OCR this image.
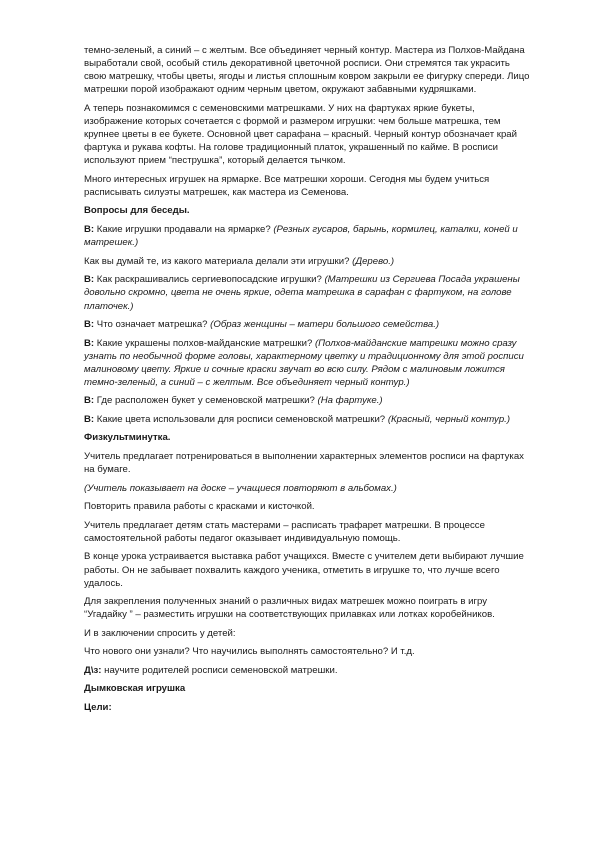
темно-зеленый, а синий – с желтым. Все объединяет черный контур. Мастера из Полхов-Майдана выработали свой, особый стиль декоративной цветочной росписи. Они стремятся так украсить свою матрешку, чтобы цветы, ягоды и листья сплошным ковром закрыли ее фигурку спереди. Лицо матрешки порой изображают одним черным цветом, окружают забавными кудряшками.

А теперь познакомимся с семеновскими матрешками. У них на фартуках яркие букеты, изображение которых сочетается с формой и размером игрушки: чем больше матрешка, тем крупнее цветы в ее букете. Основной цвет сарафана – красный. Черный контур обозначает край фартука и рукава кофты. На голове традиционный платок, украшенный по кайме. В росписи используют прием “пеструшка”, который делается тычком.

Много интересных игрушек на ярмарке. Все матрешки хороши. Сегодня мы будем учиться расписывать силуэты матрешек, как мастера из Семенова.

Вопросы для беседы.

В: Какие игрушки продавали на ярмарке? (Резных гусаров, барынь, кормилец, каталки, коней и матрешек.)

Как вы думай те, из какого материала делали эти игрушки? (Дерево.)

В: Как раскрашивались сергиевопосадские игрушки? (Матрешки из Сергиева Посада украшены довольно скромно, цвета не очень яркие, одета матрешка в сарафан с фартуком, на голове платочек.)

В: Что означает матрешка? (Образ женщины – матери большого семейства.)

В: Какие украшены полхов-майданские матрешки? (Полхов-майданские матрешки можно сразу узнать по необычной форме головы, характерному цветку и традиционному для этой росписи малиновому цвету. Яркие и сочные краски звучат во всю силу. Рядом с малиновым ложится темно-зеленый, а синий – с желтым. Все объединяет черный контур.)

В: Где расположен букет у семеновской матрешки? (На фартуке.)

В: Какие цвета использовали для росписи семеновской матрешки? (Красный, черный контур.)

Физкультминутка.

Учитель предлагает потренироваться в выполнении характерных элементов росписи на фартуках на бумаге.

(Учитель показывает на доске – учащиеся повторяют в альбомах.)

Повторить правила работы с красками и кисточкой.

Учитель предлагает детям стать мастерами – расписать трафарет матрешки. В процессе самостоятельной работы педагог оказывает индивидуальную помощь.

В конце урока устраивается выставка работ учащихся. Вместе с учителем дети выбирают лучшие работы. Он не забывает похвалить каждого ученика, отметить в игрушке то, что лучше всего удалось.

Для закрепления полученных знаний о различных видах матрешек можно поиграть в игру “Угадайку ” – разместить игрушки на соответствующих прилавках или лотках коробейников.

И в заключении спросить у детей:

Что нового они узнали? Что научились выполнять самостоятельно? И т.д.

Д\з: научите родителей росписи семеновской матрешки.

Дымковская игрушка

Цели:
